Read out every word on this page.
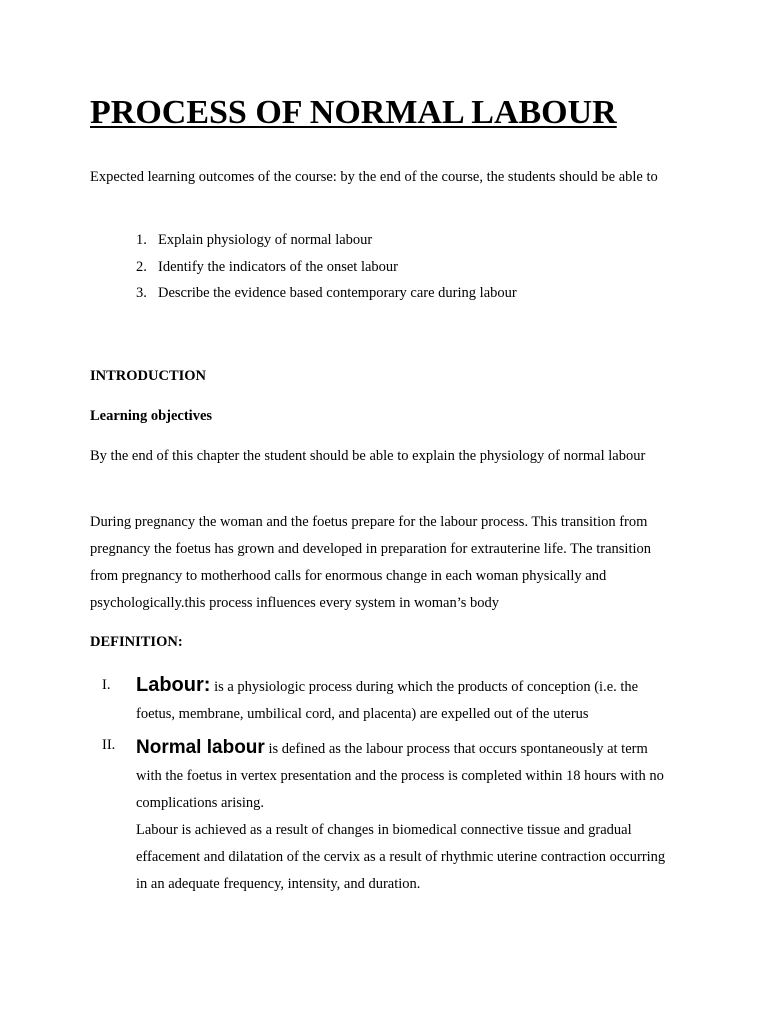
PROCESS OF NORMAL LABOUR

Expected learning outcomes of the course: by the end of the course, the students should be able to

1. Explain physiology of normal labour
2. Identify the indicators of the onset labour
3. Describe the evidence based contemporary care during labour

INTRODUCTION

Learning objectives

By the end of this chapter the student should be able to explain the physiology of normal labour

During pregnancy the woman and the foetus prepare for the labour process. This transition from pregnancy the foetus has grown and developed in preparation for extrauterine life. The transition from pregnancy to motherhood calls for enormous change in each woman physically and psychologically.this process influences every system in woman’s body

DEFINITION:

I. Labour: is a physiologic process during which the products of conception (i.e. the foetus, membrane, umbilical cord, and placenta) are expelled out of the uterus
II. Normal labour is defined as the labour process that occurs spontaneously at term with the foetus in vertex presentation and the process is completed within 18 hours with no complications arising.
Labour is achieved as a result of changes in biomedical connective tissue and gradual effacement and dilatation of the cervix as a result of rhythmic uterine contraction occurring in an adequate frequency, intensity, and duration.
